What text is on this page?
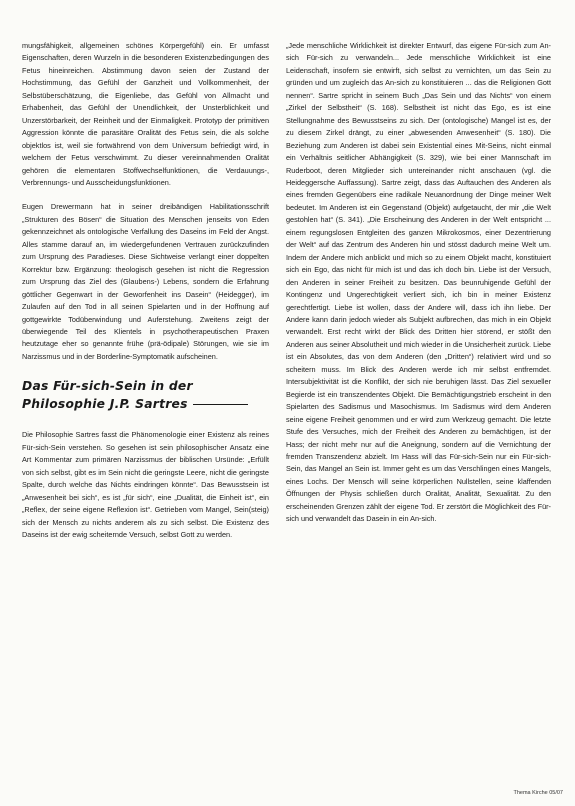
mungsfähigkeit, allgemeinen schönes Körpergefühl) ein. Er umfasst Eigenschaften, deren Wurzeln in die besonderen Existenzbedingungen des Fetus hineinreichen. Abstimmung davon seien der Zustand der Hochstimmung, das Gefühl der Ganzheit und Vollkommenheit, der Selbstüberschätzung, die Eigenliebe, das Gefühl von Allmacht und Erhabenheit, das Gefühl der Unendlichkeit, der Unsterblichkeit und Unzerstörbarkeit, der Reinheit und der Einmaligkeit. Prototyp der primitiven Aggression könnte die parasitäre Oralität des Fetus sein, die als solche objektlos ist, weil sie fortwährend von dem Universum befriedigt wird, in welchem der Fetus verschwimmt. Zu dieser vereinnahmenden Oralität gehören die elementaren Stoffwechselfunktionen, die Verdauungs-, Verbrennungs- und Ausscheidungsfunktionen.

Eugen Drewermann hat in seiner dreibändigen Habilitationsschrift „Strukturen des Bösen“ die Situation des Menschen jenseits von Eden gekennzeichnet als ontologische Verfallung des Daseins im Feld der Angst. Alles stamme darauf an, im wiedergefundenen Vertrauen zurückzufinden zum Ursprung des Paradieses. Diese Sichtweise verlangt einer doppelten Korrektur bzw. Ergänzung: theologisch gesehen ist nicht die Regression zum Ursprung das Ziel des (Glaubens-) Lebens, sondern die Erfahrung göttlicher Gegenwart in der Geworfenheit ins Dasein“ (Heidegger), im Zulaufen auf den Tod in all seinen Spielarten und in der Hoffnung auf gottgewirkte Todüberwindung und Auferstehung. Zweitens zeigt der überwiegende Teil des Klientels in psychotherapeutischen Praxen heutzutage eher so genannte frühe (prä-ödipale) Störungen, wie sie im Narzissmus und in der Borderline-Symptomatik aufscheinen.

Das Für-sich-Sein in der
Philosophie J.P. Sartres

Die Philosophie Sartres fasst die Phänomenologie einer Existenz als reines Für-sich-Sein verstehen. So gesehen ist sein philosophischer Ansatz eine Art Kommentar zum primären Narzissmus der biblischen Ursünde: „Erfüllt von sich selbst, gibt es im Sein nicht die geringste Leere, nicht die geringste Spalte, durch welche das Nichts eindringen könnte“. Das Bewusstsein ist „Anwesenheit bei sich“, es ist „für sich“, eine „Dualität, die Einheit ist“, ein „Reflex, der seine eigene Reflexion ist“. Getrieben vom Mangel, Sein(steig) sich der Mensch zu nichts anderem als zu sich selbst. Die Existenz des Daseins ist der ewig scheiternde Versuch, selbst Gott zu werden.

„Jede menschliche Wirklichkeit ist direkter Entwurf, das eigene Für-sich zum An-sich Für-sich zu verwandeln... Jede menschliche Wirklichkeit ist eine Leidenschaft, insofern sie entwirft, sich selbst zu vernichten, um das Sein zu gründen und um zugleich das An-sich zu konstituieren ... das die Religionen Gott nennen“. Sartre spricht in seinem Buch „Das Sein und das Nichts“ von einem „Zirkel der Selbstheit“ (S. 168). Selbstheit ist nicht das Ego, es ist eine Stellungnahme des Bewusstseins zu sich. Der (ontologische) Mangel ist es, der zu diesem Zirkel drängt, zu einer „abwesenden Anwesenheit“ (S. 180). Die Beziehung zum Anderen ist dabei sein Existential eines Mit-Seins, nicht einmal ein Verhältnis seitlicher Abhängigkeit (S. 329), wie bei einer Mannschaft im Ruderboot, deren Mitglieder sich untereinander nicht anschauen (vgl. die Heideggersche Auffassung). Sartre zeigt, dass das Auftauchen des Anderen als eines fremden Gegenübers eine radikale Neuanordnung der Dinge meiner Welt bedeutet. Im Anderen ist ein Gegenstand (Objekt) aufgetaucht, der mir „die Welt gestohlen hat“ (S. 341). „Die Erscheinung des Anderen in der Welt entspricht ... einem regungslosen Entgleiten des ganzen Mikrokosmos, einer Dezentrierung der Welt“ auf das Zentrum des Anderen hin und stösst dadurch meine Welt um. Indem der Andere mich anblickt und mich so zu einem Objekt macht, konstituiert sich ein Ego, das nicht für mich ist und das ich doch bin. Liebe ist der Versuch, den Anderen in seiner Freiheit zu besitzen. Das beunruhigende Gefühl der Kontingenz und Ungerechtigkeit verliert sich, ich bin in meiner Existenz gerechtfertigt. Liebe ist wollen, dass der Andere will, dass ich ihn liebe. Der Andere kann darin jedoch wieder als Subjekt aufbrechen, das mich in ein Objekt verwandelt. Erst recht wirkt der Blick des Dritten hier störend, er stößt den Anderen aus seiner Absolutheit und mich wieder in die Unsicherheit zurück. Liebe ist ein Absolutes, das von dem Anderen (den „Dritten“) relativiert wird und so scheitern muss. Im Blick des Anderen werde ich mir selbst entfremdet. Intersubjektivität ist die Konflikt, der sich nie beruhigen lässt. Das Ziel sexueller Begierde ist ein transzendentes Objekt. Die Bemächtigungstrieb erscheint in den Spielarten des Sadismus und Masochismus. Im Sadismus wird dem Anderen seine eigene Freiheit genommen und er wird zum Werkzeug gemacht. Die letzte Stufe des Versuches, mich der Freiheit des Anderen zu bemächtigen, ist der Hass; der nicht mehr nur auf die Aneignung, sondern auf die Vernichtung der fremden Transzendenz abzielt. Im Hass will das Für-sich-Sein nur ein Für-sich-Sein, das Mangel an Sein ist. Immer geht es um das Verschlingen eines Mangels, eines Lochs. Der Mensch will seine körperlichen Nullstellen, seine klaffenden Öffnungen der Physis schließen durch Oralität, Analität, Sexualität. Zu den erscheinenden Grenzen zählt der eigene Tod. Er zerstört die Möglichkeit des Für-sich und verwandelt das Dasein in ein An-sich.

Thema Kirche 05/07
